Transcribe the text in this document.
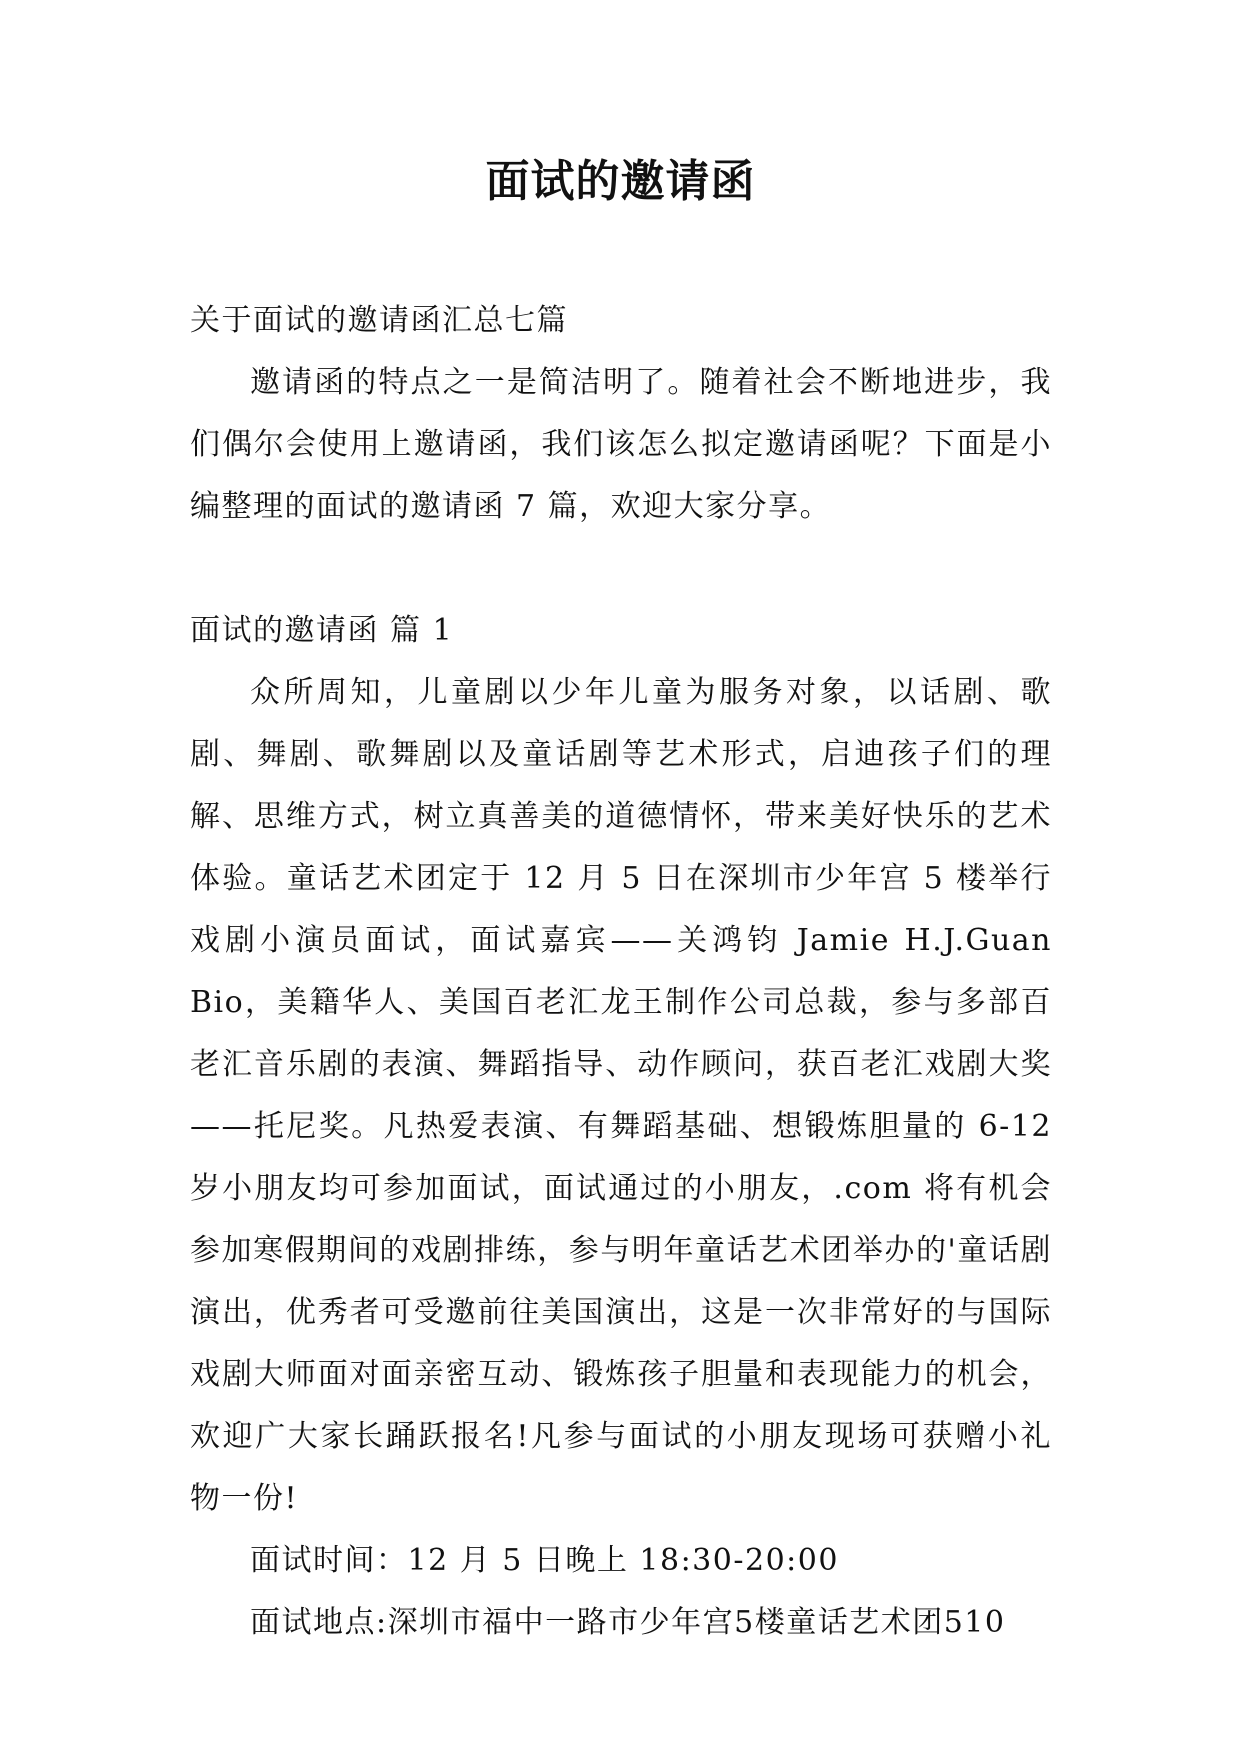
面试的邀请函

关于面试的邀请函汇总七篇

邀请函的特点之一是简洁明了。随着社会不断地进步，我们偶尔会使用上邀请函，我们该怎么拟定邀请函呢？下面是小编整理的面试的邀请函 7 篇，欢迎大家分享。

面试的邀请函 篇 1

众所周知，儿童剧以少年儿童为服务对象，以话剧、歌剧、舞剧、歌舞剧以及童话剧等艺术形式，启迪孩子们的理解、思维方式，树立真善美的道德情怀，带来美好快乐的艺术体验。童话艺术团定于 12 月 5 日在深圳市少年宫 5 楼举行戏剧小演员面试，面试嘉宾——关鸿钧 Jamie H.J.Guan Bio，美籍华人、美国百老汇龙王制作公司总裁，参与多部百老汇音乐剧的表演、舞蹈指导、动作顾问，获百老汇戏剧大奖——托尼奖。凡热爱表演、有舞蹈基础、想锻炼胆量的 6-12 岁小朋友均可参加面试，面试通过的小朋友，.com 将有机会参加寒假期间的戏剧排练，参与明年童话艺术团举办的'童话剧演出，优秀者可受邀前往美国演出，这是一次非常好的与国际戏剧大师面对面亲密互动、锻炼孩子胆量和表现能力的机会，欢迎广大家长踊跃报名!凡参与面试的小朋友现场可获赠小礼物一份!

面试时间：12 月 5 日晚上 18:30-20:00

面试地点:深圳市福中一路市少年宫5楼童话艺术团510
